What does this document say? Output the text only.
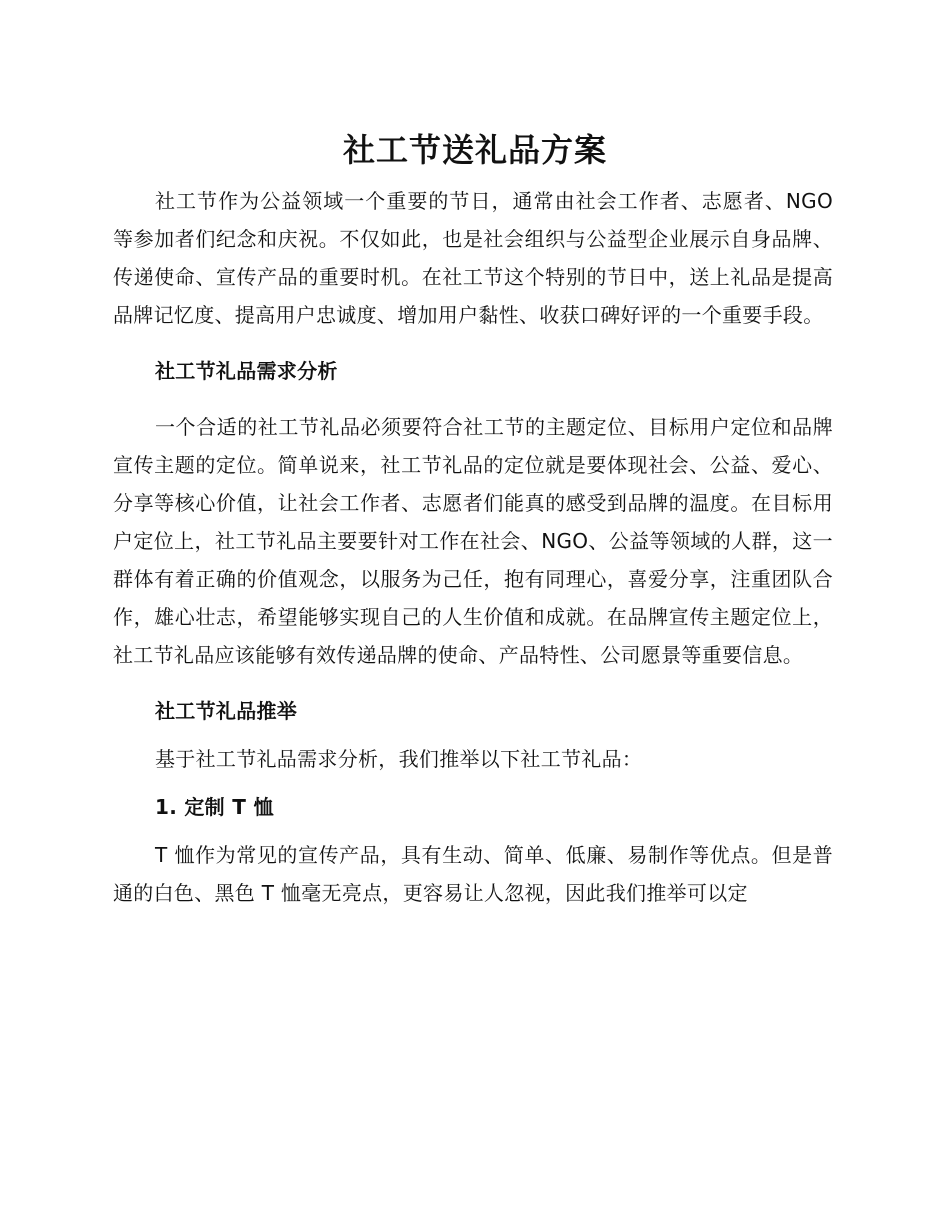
社工节送礼品方案

社工节作为公益领域一个重要的节日，通常由社会工作者、志愿者、NGO 等参加者们纪念和庆祝。不仅如此，也是社会组织与公益型企业展示自身品牌、传递使命、宣传产品的重要时机。在社工节这个特别的节日中，送上礼品是提高品牌记忆度、提高用户忠诚度、增加用户黏性、收获口碑好评的一个重要手段。

社工节礼品需求分析

一个合适的社工节礼品必须要符合社工节的主题定位、目标用户定位和品牌宣传主题的定位。简单说来，社工节礼品的定位就是要体现社会、公益、爱心、分享等核心价值，让社会工作者、志愿者们能真的感受到品牌的温度。在目标用户定位上，社工节礼品主要要针对工作在社会、NGO、公益等领域的人群，这一群体有着正确的价值观念，以服务为己任，抱有同理心，喜爱分享，注重团队合作，雄心壮志，希望能够实现自己的人生价值和成就。在品牌宣传主题定位上，社工节礼品应该能够有效传递品牌的使命、产品特性、公司愿景等重要信息。

社工节礼品推举

基于社工节礼品需求分析，我们推举以下社工节礼品：

1. 定制 T 恤

T 恤作为常见的宣传产品，具有生动、简单、低廉、易制作等优点。但是普通的白色、黑色 T 恤毫无亮点，更容易让人忽视，因此我们推举可以定
